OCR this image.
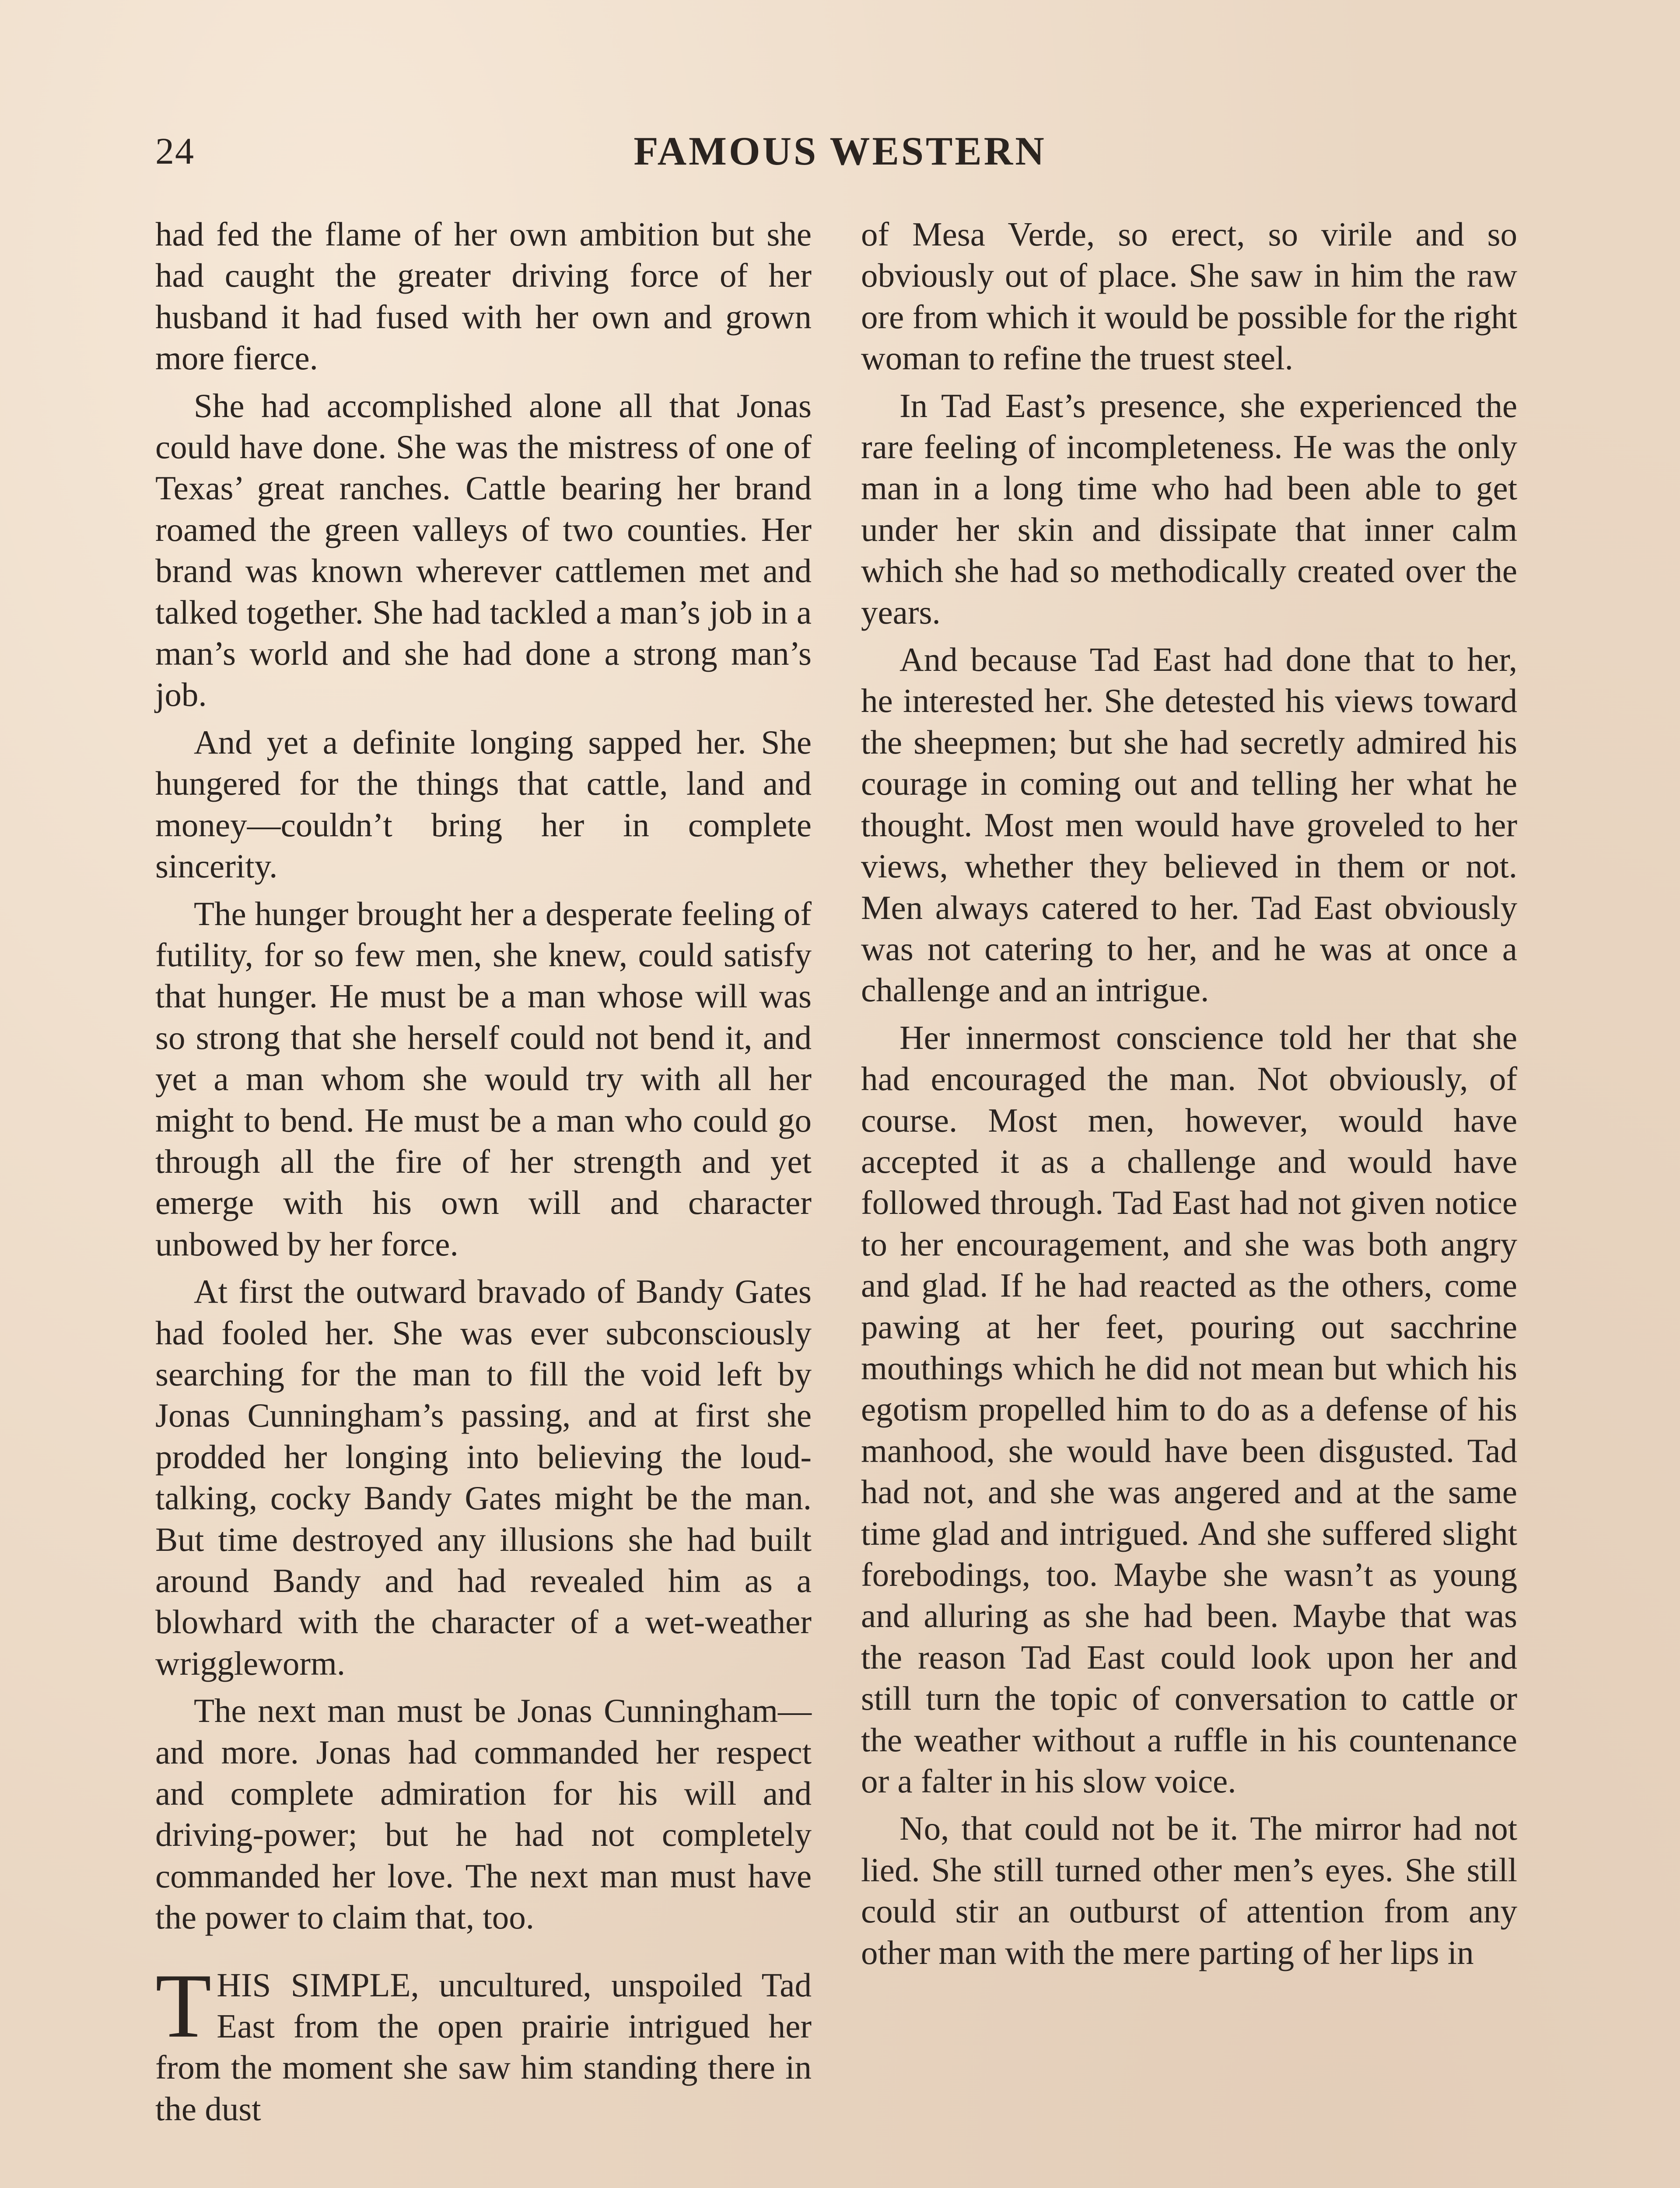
24	FAMOUS WESTERN

had fed the flame of her own ambition but she had caught the greater driving force of her husband it had fused with her own and grown more fierce.

She had accomplished alone all that Jonas could have done. She was the mistress of one of Texas’ great ranches. Cattle bearing her brand roamed the green valleys of two counties. Her brand was known wherever cattlemen met and talked together. She had tackled a man’s job in a man’s world and she had done a strong man’s job.

And yet a definite longing sapped her. She hungered for the things that cattle, land and money—couldn’t bring her in complete sincerity.

The hunger brought her a desperate feeling of futility, for so few men, she knew, could satisfy that hunger. He must be a man whose will was so strong that she herself could not bend it, and yet a man whom she would try with all her might to bend. He must be a man who could go through all the fire of her strength and yet emerge with his own will and character unbowed by her force.

At first the outward bravado of Bandy Gates had fooled her. She was ever subconsciously searching for the man to fill the void left by Jonas Cunningham’s passing, and at first she prodded her longing into believing the loud-talking, cocky Bandy Gates might be the man. But time destroyed any illusions she had built around Bandy and had revealed him as a blowhard with the character of a wet-weather wriggleworm.

The next man must be Jonas Cunningham—and more. Jonas had commanded her respect and complete admiration for his will and driving-power; but he had not completely commanded her love. The next man must have the power to claim that, too.

THIS SIMPLE, uncultured, unspoiled Tad East from the open prairie intrigued her from the moment she saw him standing there in the dust

of Mesa Verde, so erect, so virile and so obviously out of place. She saw in him the raw ore from which it would be possible for the right woman to refine the truest steel.

In Tad East’s presence, she experienced the rare feeling of incompleteness. He was the only man in a long time who had been able to get under her skin and dissipate that inner calm which she had so methodically created over the years.

And because Tad East had done that to her, he interested her. She detested his views toward the sheepmen; but she had secretly admired his courage in coming out and telling her what he thought. Most men would have groveled to her views, whether they believed in them or not. Men always catered to her. Tad East obviously was not catering to her, and he was at once a challenge and an intrigue.

Her innermost conscience told her that she had encouraged the man. Not obviously, of course. Most men, however, would have accepted it as a challenge and would have followed through. Tad East had not given notice to her encouragement, and she was both angry and glad. If he had reacted as the others, come pawing at her feet, pouring out sacchrine mouthings which he did not mean but which his egotism propelled him to do as a defense of his manhood, she would have been disgusted. Tad had not, and she was angered and at the same time glad and intrigued. And she suffered slight forebodings, too. Maybe she wasn’t as young and alluring as she had been. Maybe that was the reason Tad East could look upon her and still turn the topic of conversation to cattle or the weather without a ruffle in his countenance or a falter in his slow voice.

No, that could not be it. The mirror had not lied. She still turned other men’s eyes. She still could stir an outburst of attention from any other man with the mere parting of her lips in
